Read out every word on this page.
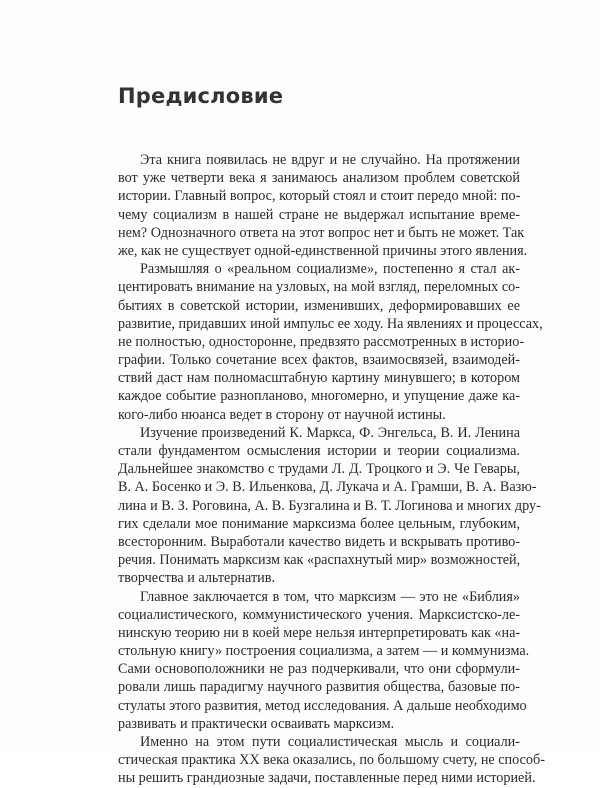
Предисловие
Эта книга появилась не вдруг и не случайно. На протяжении
вот уже четверти века я занимаюсь анализом проблем советской
истории. Главный вопрос, который стоял и стоит передо мной: по-
чему социализм в нашей стране не выдержал испытание времe-
нем? Однозначного ответа на этот вопрос нет и быть не может. Так
же, как не существует одной-единственной причины этого явления.
Размышляя о «реальном социализме», постепенно я стал ак-
центировать внимание на узловых, на мой взгляд, переломных со-
бытиях в советской истории, изменивших, деформировавших ее
развитие, придавших иной импульс ее ходу. На явлениях и процессах,
не полностью, односторонне, предвзято рассмотренных в историо-
графии. Только сочетание всех фактов, взаимосвязей, взаимодей-
ствий даст нам полномасштабную картину минувшего; в котором
каждое событие разнопланово, многомерно, и упущение даже ка-
кого-либо нюанса ведет в сторону от научной истины.
Изучение произведений К. Маркса, Ф. Энгельса, В. И. Ленина
стали фундаментом осмысления истории и теории социализма.
Дальнейшее знакомство с трудами Л. Д. Троцкого и Э. Че Гевары,
В. А. Босенко и Э. В. Ильенкова, Д. Лукача и А. Грамши, В. А. Вазю-
лина и В. З. Роговина, А. В. Бузгалина и В. Т. Логинова и многих дру-
гих сделали мое понимание марксизма более цельным, глубоким,
всесторонним. Выработали качество видеть и вскрывать противо-
речия. Понимать марксизм как «распахнутый мир» возможностей,
творчества и альтернатив.
Главное заключается в том, что марксизм — это не «Библия»
социалистического, коммунистического учения. Марксистско-ле-
нинскую теорию ни в коей мере нельзя интерпретировать как «на-
стольную книгу» построения социализма, а затем — и коммунизма.
Сами основоположники не раз подчеркивали, что они сформули-
ровали лишь парадигму научного развития общества, базовые по-
стулаты этого развития, метод исследования. А дальше необходимо
развивать и практически осваивать марксизм.
Именно на этом пути социалистическая мысль и социали-
стическая практика XX века оказались, по большому счету, не способ-
ны решить грандиозные задачи, поставленные перед ними историей.
